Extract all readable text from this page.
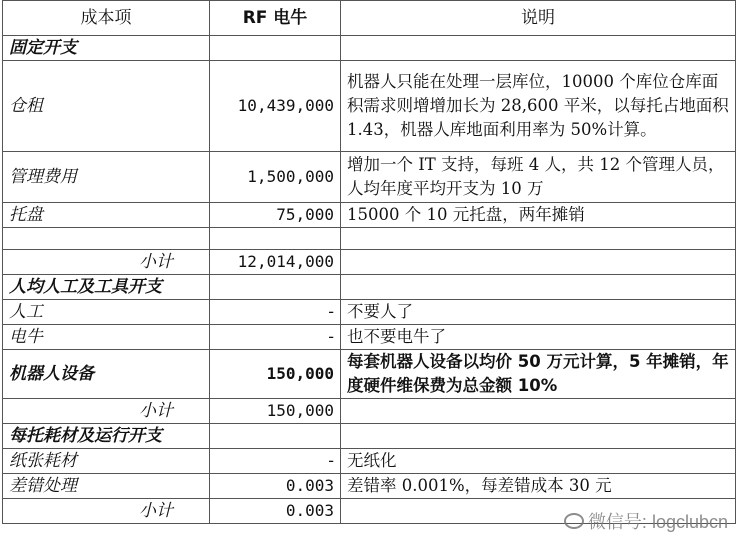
成本项	RF 电牛	说明
固定开支		
仓租	10,439,000	机器人只能在处理一层库位，10000 个库位仓库面积需求则增增加长为 28,600 平米，以每托占地面积 1.43，机器人库地面利用率为 50%计算。
管理费用	1,500,000	增加一个 IT 支持，每班 4 人，共 12 个管理人员，人均年度平均开支为 10 万
托盘	75,000	15000 个 10 元托盘，两年摊销

小计	12,014,000	
人均人工及工具开支		
人工	-	不要人了
电牛	-	也不要电牛了
机器人设备	150,000	每套机器人设备以均价 50 万元计算，5 年摊销，年度硬件维保费为总金额 10%
小计	150,000	
每托耗材及运行开支		
纸张耗材	-	无纸化
差错处理	0.003	差错率 0.001%，每差错成本 30 元
小计	0.003	
微信号: logclubcn
